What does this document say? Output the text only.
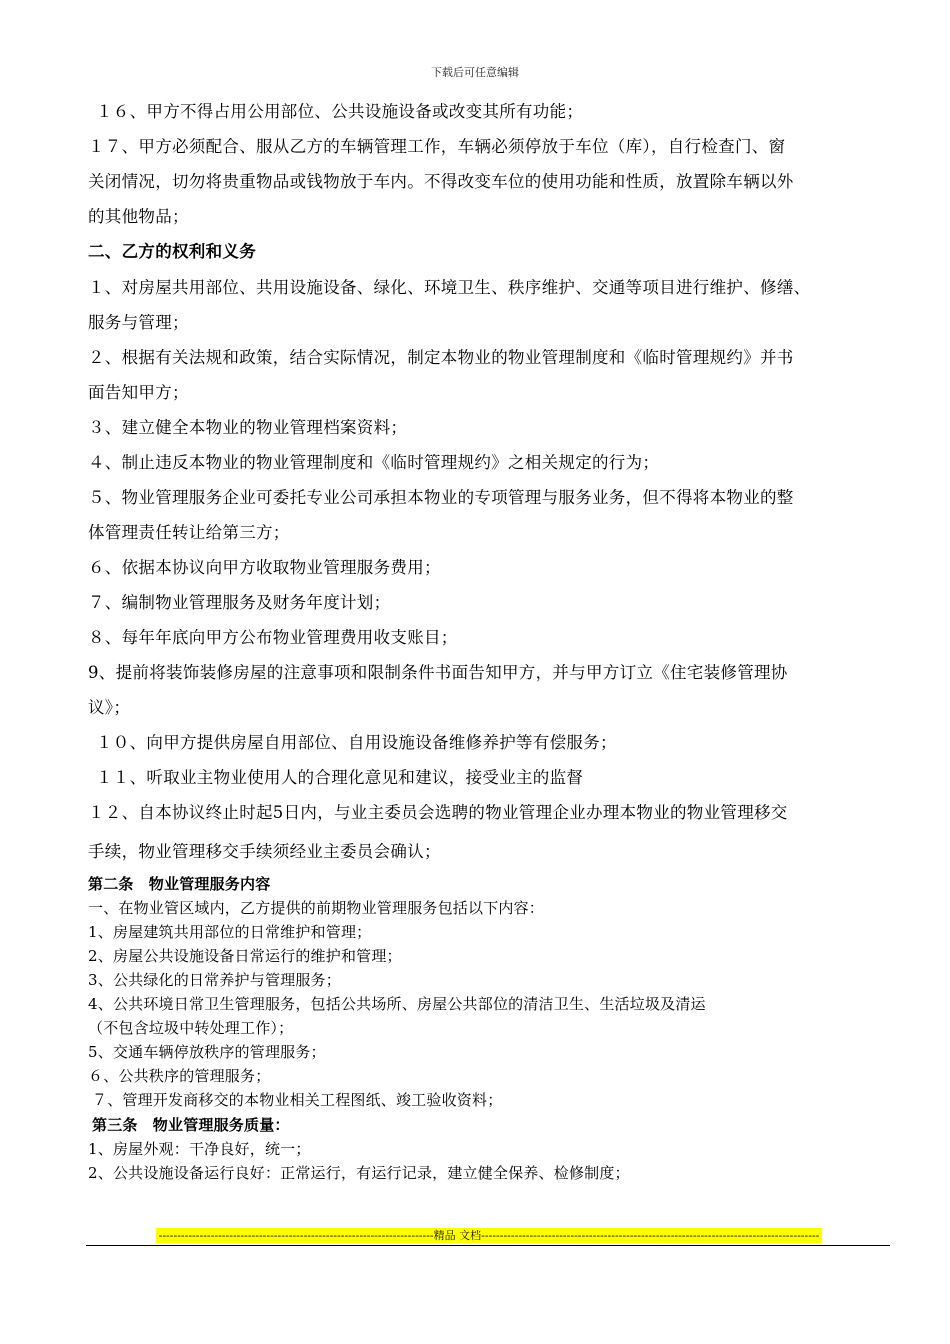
下载后可任意编辑
１６、甲方不得占用公用部位、公共设施设备或改变其所有功能；
１７、甲方必须配合、服从乙方的车辆管理工作，车辆必须停放于车位（库），自行检查门、窗
关闭情况，切勿将贵重物品或钱物放于车内。不得改变车位的使用功能和性质，放置除车辆以外
的其他物品；
二、乙方的权利和义务
１、对房屋共用部位、共用设施设备、绿化、环境卫生、秩序维护、交通等项目进行维护、修缮、
服务与管理；
２、根据有关法规和政策，结合实际情况，制定本物业的物业管理制度和《临时管理规约》并书
面告知甲方；
３、建立健全本物业的物业管理档案资料；
４、制止违反本物业的物业管理制度和《临时管理规约》之相关规定的行为；
５、物业管理服务企业可委托专业公司承担本物业的专项管理与服务业务，但不得将本物业的整
体管理责任转让给第三方；
６、依据本协议向甲方收取物业管理服务费用；
７、编制物业管理服务及财务年度计划；
８、每年年底向甲方公布物业管理费用收支账目；
9、提前将装饰装修房屋的注意事项和限制条件书面告知甲方，并与甲方订立《住宅装修管理协
议》；
１０、向甲方提供房屋自用部位、自用设施设备维修养护等有偿服务；
１１、听取业主物业使用人的合理化意见和建议，接受业主的监督
１２、自本协议终止时起5日内，与业主委员会选聘的物业管理企业办理本物业的物业管理移交
手续，物业管理移交手续须经业主委员会确认；
第二条　物业管理服务内容
一、在物业管区域内，乙方提供的前期物业管理服务包括以下内容：
1、房屋建筑共用部位的日常维护和管理；
2、房屋公共设施设备日常运行的维护和管理；
3、公共绿化的日常养护与管理服务；
4、公共环境日常卫生管理服务，包括公共场所、房屋公共部位的清洁卫生、生活垃圾及清运
（不包含垃圾中转处理工作）；
5、交通车辆停放秩序的管理服务；
６、公共秩序的管理服务；
７、管理开发商移交的本物业相关工程图纸、竣工验收资料；
第三条　物业管理服务质量：
1、房屋外观：干净良好，统一；
2、公共设施设备运行良好：正常运行，有运行记录，建立健全保养、检修制度；
--------------------------------------------------------------------------精品 文档-------------------------------------------------------------------------------------------
